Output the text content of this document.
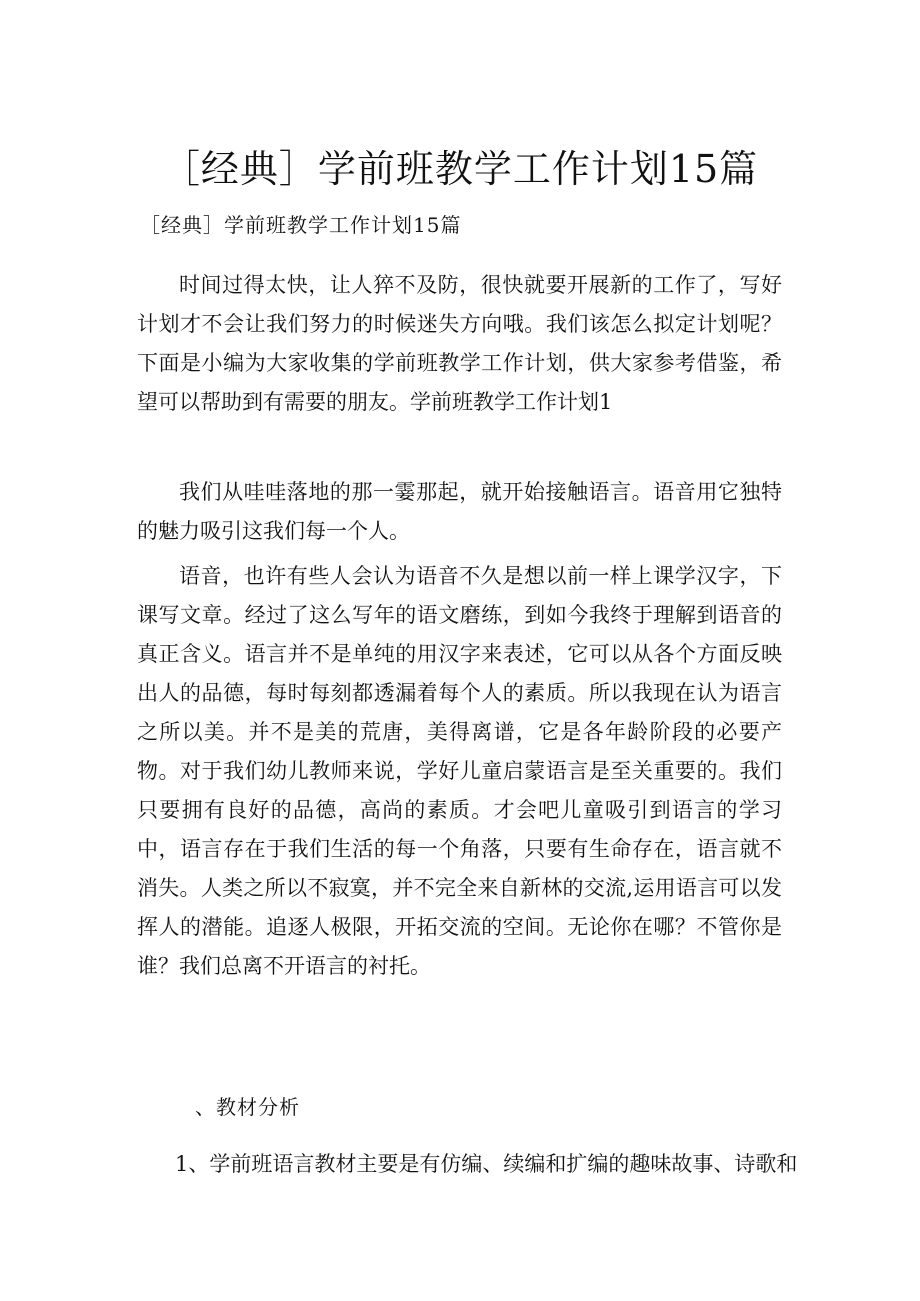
［经典］学前班教学工作计划15篇
［经典］学前班教学工作计划15篇

时间过得太快，让人猝不及防，很快就要开展新的工作了，写好计划才不会让我们努力的时候迷失方向哦。我们该怎么拟定计划呢？下面是小编为大家收集的学前班教学工作计划，供大家参考借鉴，希望可以帮助到有需要的朋友。学前班教学工作计划1

我们从哇哇落地的那一霎那起，就开始接触语言。语音用它独特的魅力吸引这我们每一个人。

语音，也许有些人会认为语音不久是想以前一样上课学汉字，下课写文章。经过了这么写年的语文磨练，到如今我终于理解到语音的真正含义。语言并不是单纯的用汉字来表述，它可以从各个方面反映出人的品德，每时每刻都透漏着每个人的素质。所以我现在认为语言之所以美。并不是美的荒唐，美得离谱，它是各年龄阶段的必要产物。对于我们幼儿教师来说，学好儿童启蒙语言是至关重要的。我们只要拥有良好的品德，高尚的素质。才会吧儿童吸引到语言的学习中，语言存在于我们生活的每一个角落，只要有生命存在，语言就不消失。人类之所以不寂寞，并不完全来自新林的交流,运用语言可以发挥人的潜能。追逐人极限，开拓交流的空间。无论你在哪？不管你是谁？我们总离不开语言的衬托。

、教材分析
1、学前班语言教材主要是有仿编、续编和扩编的趣味故事、诗歌和
